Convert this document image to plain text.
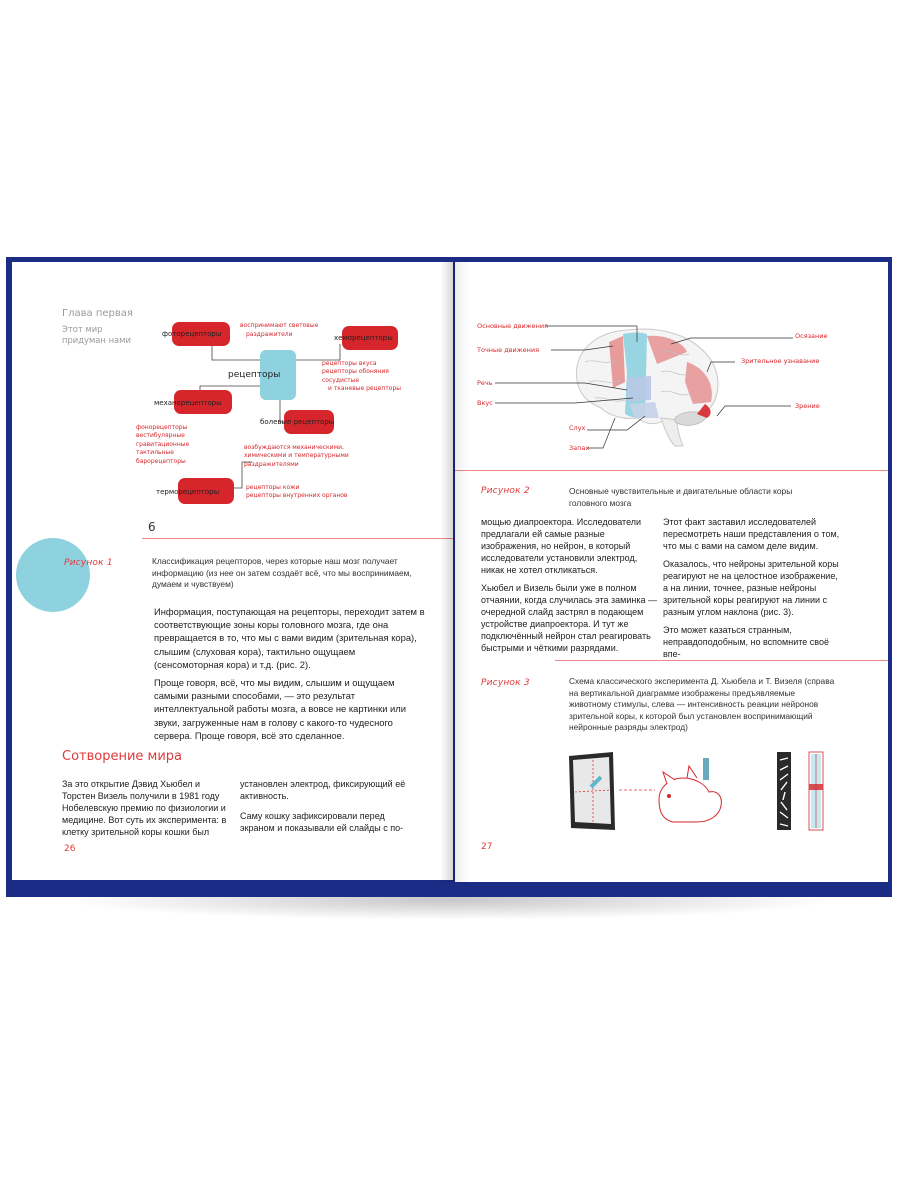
Глава первая
Этот мир
придуман нами
фоторецепторы
воспринимают световые
раздражители	хеморецепторы
рецепторы вкуса
рецепторы обоняния
сосудистые
и тканевые рецепторы
рецепторы
механорецепторы
фонорецепторы
вестибулярные
гравитационные
тактильные
барорецепторы
болевые рецепторы
возбуждаются механическими,
химическими и температурными
раздражителями
терморецепторы
рецепторы кожи
рецепторы внутренних органов
6
Рисунок 1	Классификация рецепторов, через которые наш мозг получает информацию (из нее он затем создаёт всё, что мы воспринимаем, думаем и чувствуем)
Информация, поступающая на рецепторы, переходит затем в соответствующие зоны коры головного мозга, где она превращается в то, что мы с вами видим (зрительная кора), слышим (слуховая кора), тактильно ощущаем (сенсомоторная кора) и т.д. (рис. 2).
Проще говоря, всё, что мы видим, слышим и ощущаем самыми разными способами, — это результат интеллектуальной работы мозга, а вовсе не картинки или звуки, загруженные нам в голову с какого-то чудесного сервера. Проще говоря, всё это сделанное.
Сотворение мира
За это открытие Дэвид Хьюбел и Торстен Визель получили в 1981 году Нобелевскую премию по физиологии и медицине. Вот суть их эксперимента: в клетку зрительной коры кошки был
установлен электрод, фиксирующий её активность.
Саму кошку зафиксировали перед экраном и показывали ей слайды с по-
26
Основные движения
Точные движения
Речь
Вкус
Слух
Запах
Осязание
Зрительное узнавание
Зрение
Рисунок 2	Основные чувствительные и двигательные области коры головного мозга
мощью диапроектора. Исследователи предлагали ей самые разные изображения, но нейрон, в который исследователи установили электрод, никак не хотел откликаться.
Хьюбел и Визель были уже в полном отчаянии, когда случилась эта заминка — очередной слайд застрял в подающем устройстве диапроектора. И тут же подключённый нейрон стал реагировать быстрыми и чёткими разрядами.
Этот факт заставил исследователей пересмотреть наши представления о том, что мы с вами на самом деле видим.
Оказалось, что нейроны зрительной коры реагируют не на целостное изображение, а на линии, точнее, разные нейроны зрительной коры реагируют на линии с разным углом наклона (рис. 3).
Это может казаться странным, неправдоподобным, но вспомните своё впе-
Рисунок 3	Схема классического эксперимента Д. Хьюбела и Т. Визеля (справа на вертикальной диаграмме изображены предъявляемые животному стимулы, слева — интенсивность реакции нейронов зрительной коры, к которой был установлен воспринимающий нейронные разряды электрод)
27
